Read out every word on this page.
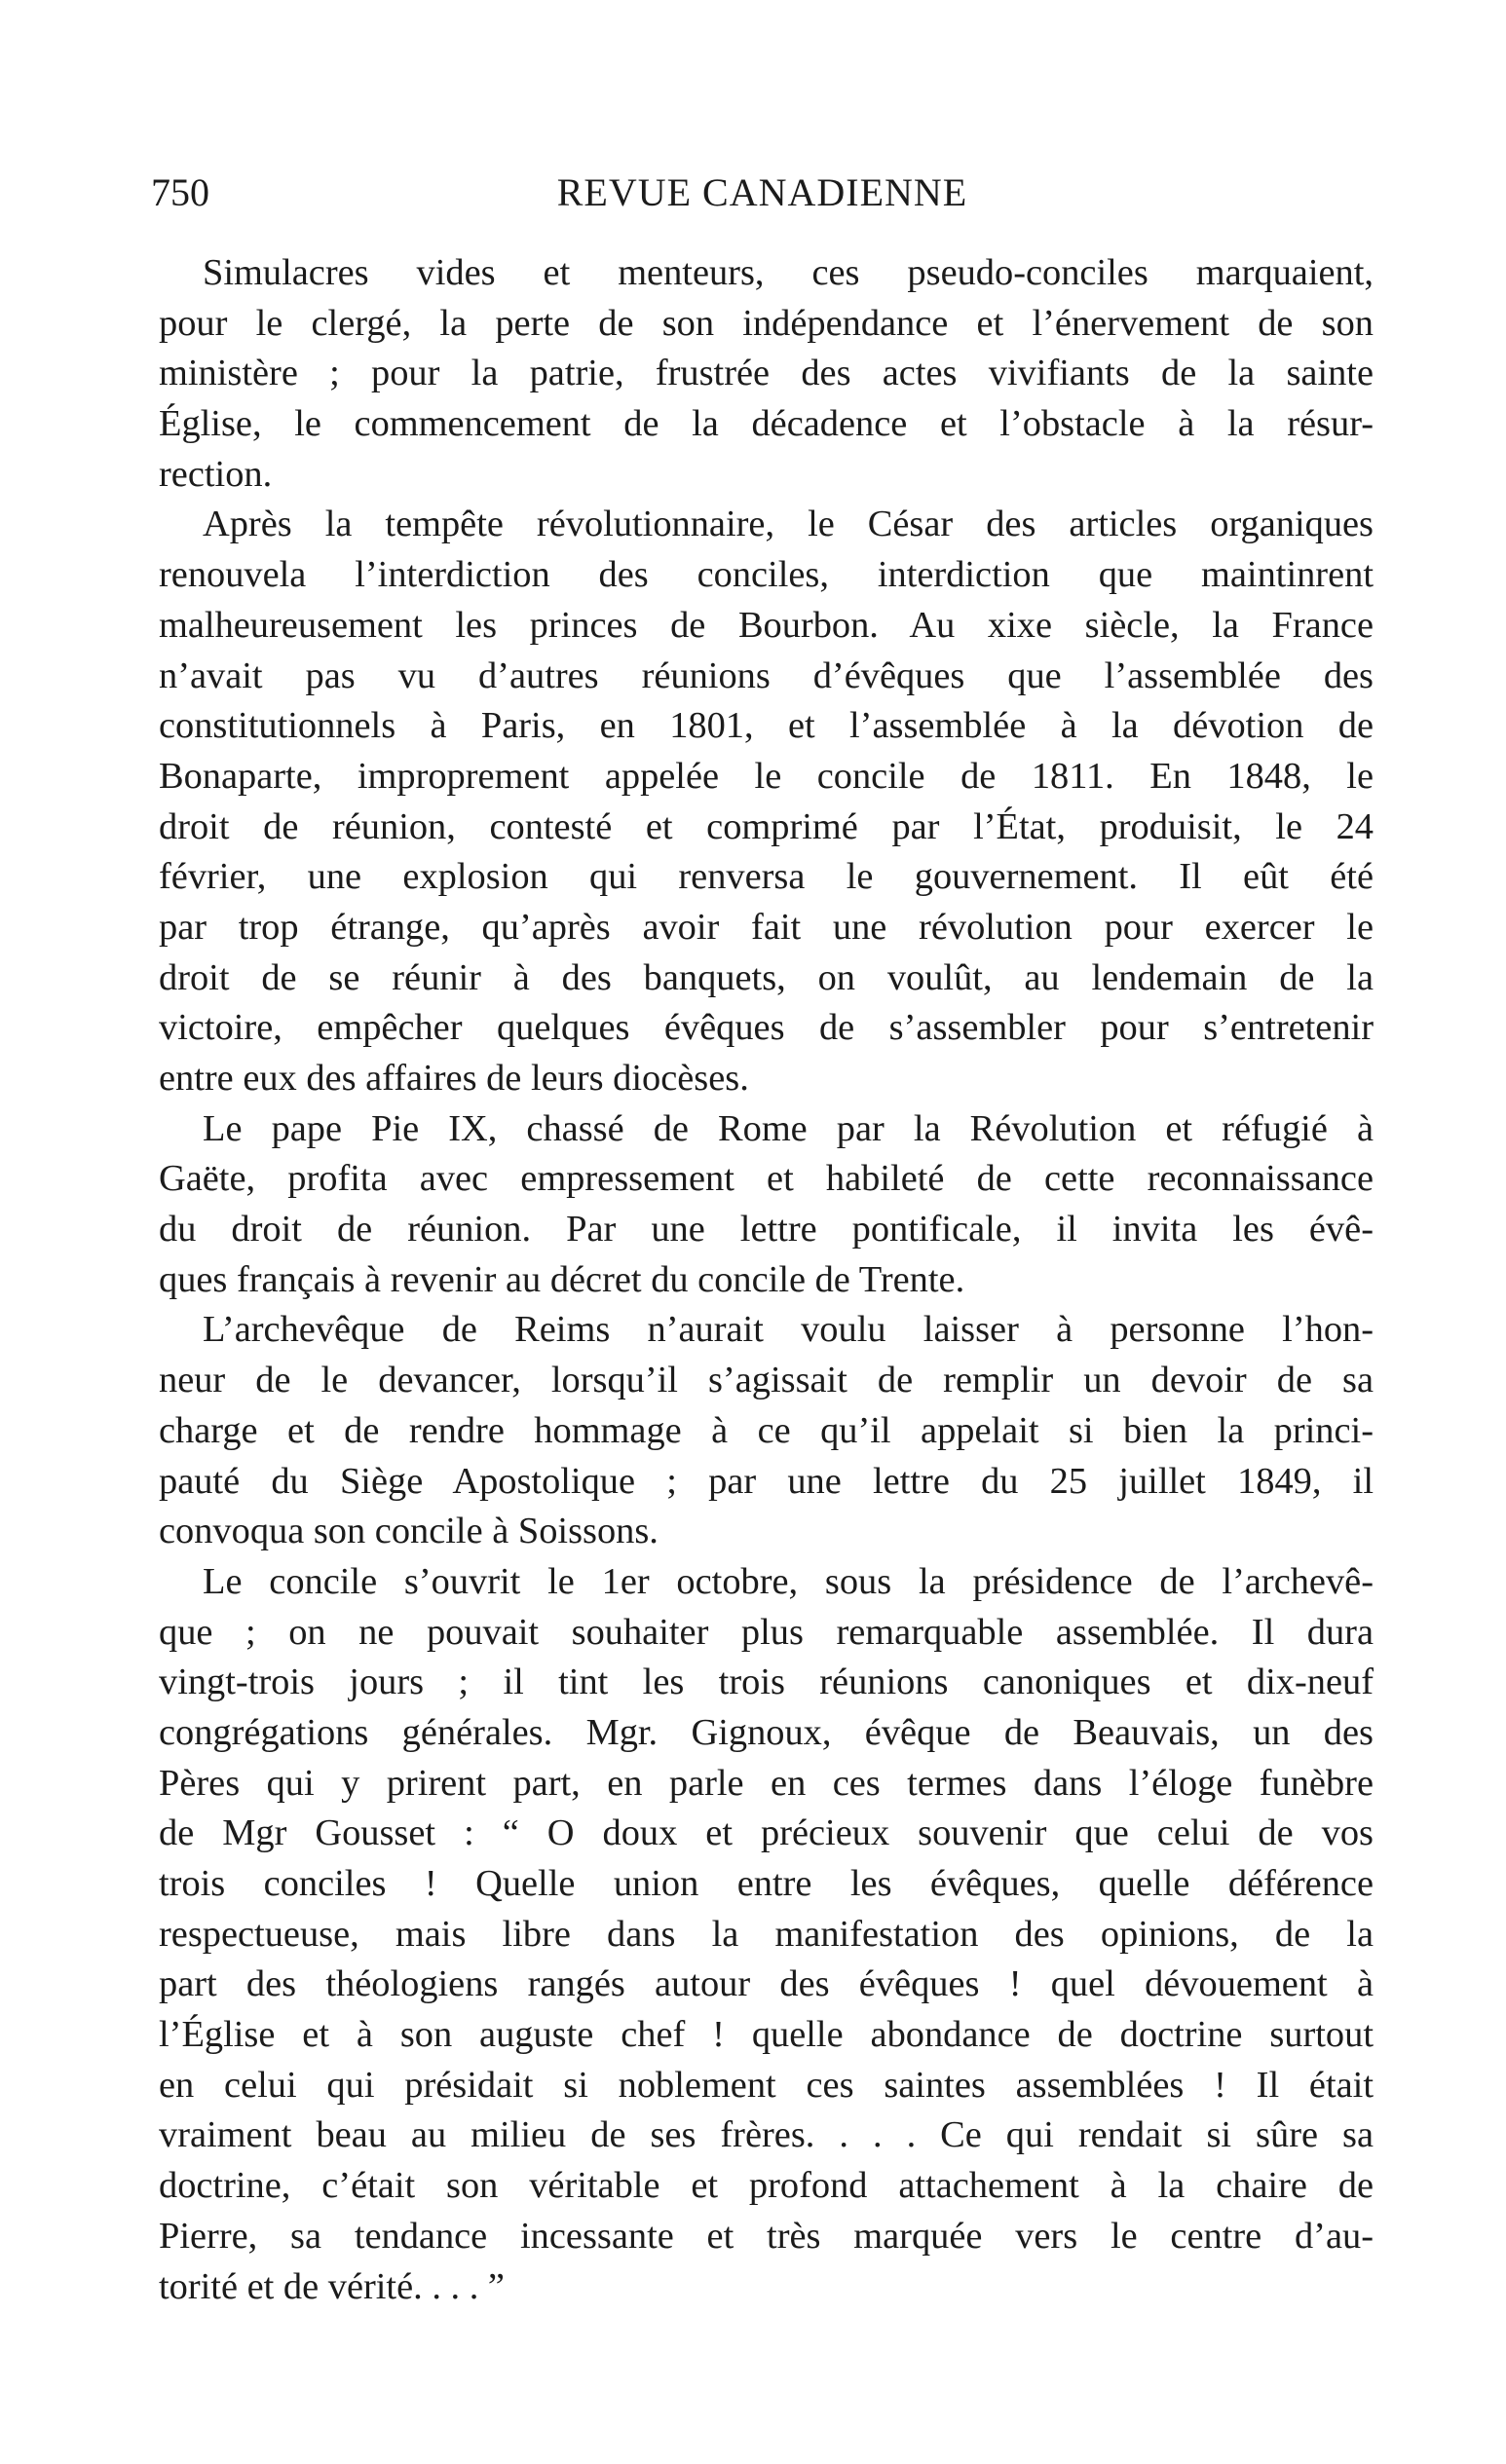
750	REVUE CANADIENNE
Simulacres vides et menteurs, ces pseudo-conciles marquaient,
pour le clergé, la perte de son indépendance et l’énervement de son
ministère ; pour la patrie, frustrée des actes vivifiants de la sainte
Église, le commencement de la décadence et l’obstacle à la résur-
rection.
Après la tempête révolutionnaire, le César des articles organiques
renouvela l’interdiction des conciles, interdiction que maintinrent
malheureusement les princes de Bourbon. Au xixe siècle, la France
n’avait pas vu d’autres réunions d’évêques que l’assemblée des
constitutionnels à Paris, en 1801, et l’assemblée à la dévotion de
Bonaparte, improprement appelée le concile de 1811. En 1848, le
droit de réunion, contesté et comprimé par l’État, produisit, le 24
février, une explosion qui renversa le gouvernement. Il eût été
par trop étrange, qu’après avoir fait une révolution pour exercer le
droit de se réunir à des banquets, on voulût, au lendemain de la
victoire, empêcher quelques évêques de s’assembler pour s’entretenir
entre eux des affaires de leurs diocèses.
Le pape Pie IX, chassé de Rome par la Révolution et réfugié à
Gaëte, profita avec empressement et habileté de cette reconnaissance
du droit de réunion. Par une lettre pontificale, il invita les évê-
ques français à revenir au décret du concile de Trente.
L’archevêque de Reims n’aurait voulu laisser à personne l’hon-
neur de le devancer, lorsqu’il s’agissait de remplir un devoir de sa
charge et de rendre hommage à ce qu’il appelait si bien la princi-
pauté du Siège Apostolique ; par une lettre du 25 juillet 1849, il
convoqua son concile à Soissons.
Le concile s’ouvrit le 1er octobre, sous la présidence de l’archevê-
que ; on ne pouvait souhaiter plus remarquable assemblée. Il dura
vingt-trois jours ; il tint les trois réunions canoniques et dix-neuf
congrégations générales. Mgr. Gignoux, évêque de Beauvais, un des
Pères qui y prirent part, en parle en ces termes dans l’éloge funèbre
de Mgr Gousset : “ O doux et précieux souvenir que celui de vos
trois conciles ! Quelle union entre les évêques, quelle déférence
respectueuse, mais libre dans la manifestation des opinions, de la
part des théologiens rangés autour des évêques ! quel dévouement à
l’Église et à son auguste chef ! quelle abondance de doctrine surtout
en celui qui présidait si noblement ces saintes assemblées ! Il était
vraiment beau au milieu de ses frères. . . . Ce qui rendait si sûre sa
doctrine, c’était son véritable et profond attachement à la chaire de
Pierre, sa tendance incessante et très marquée vers le centre d’au-
torité et de vérité. . . . ”
